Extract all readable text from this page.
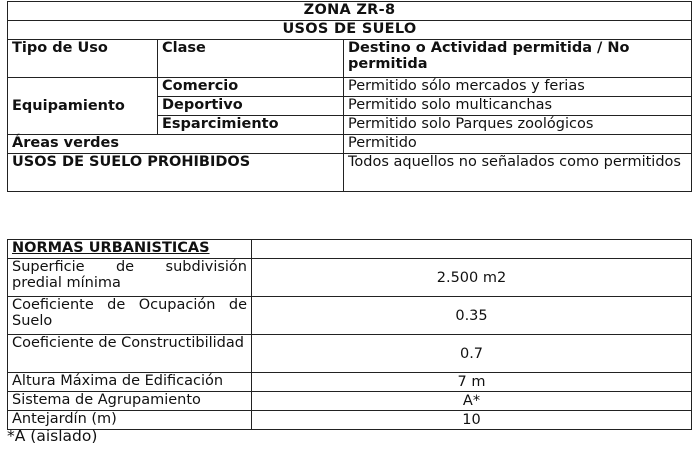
ZONA ZR-8		
USOS DE SUELO		
Tipo de Uso	Clase	Destino o Actividad permitida / No permitida
Equipamiento	Comercio	Permitido sólo mercados y ferias
	Deportivo	Permitido solo multicanchas
	Esparcimiento	Permitido solo Parques zoológicos
Áreas verdes		Permitido
USOS DE SUELO PROHIBIDOS		Todos aquellos no señalados como permitidos
NORMAS URBANISTICAS	
Superficie de subdivisión predial mínima	2.500 m2
Coeficiente de Ocupación de Suelo	0.35
Coeficiente de Constructibilidad	0.7
Altura Máxima de Edificación	7 m
Sistema de Agrupamiento	A*
Antejardín (m)	10
*A (aislado)
